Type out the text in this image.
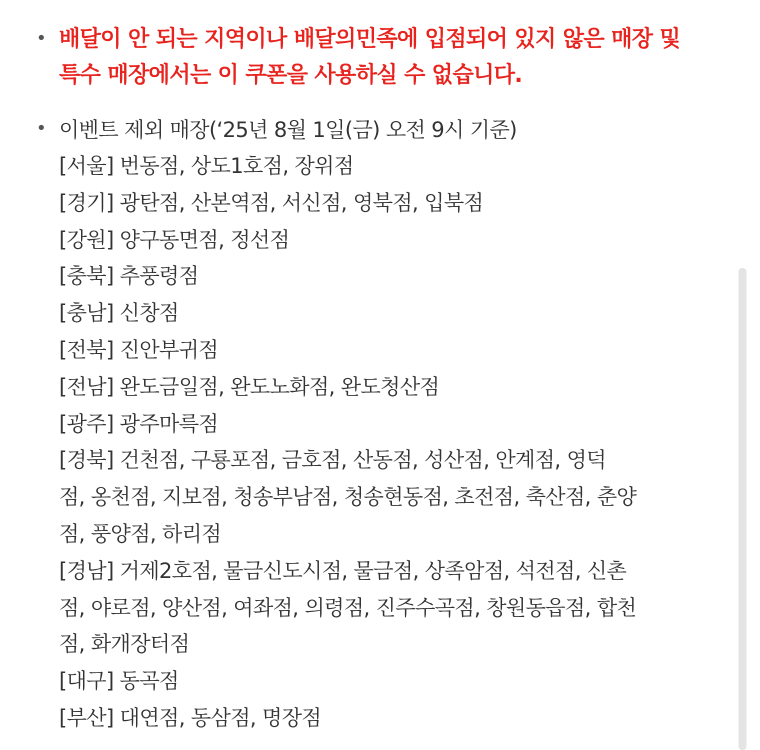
• 배달이 안 되는 지역이나 배달의민족에 입점되어 있지 않은 매장 및
특수 매장에서는 이 쿠폰을 사용하실 수 없습니다.
• 이벤트 제외 매장(‘25년 8월 1일(금) 오전 9시 기준)
[서울] 번동점, 상도1호점, 장위점
[경기] 광탄점, 산본역점, 서신점, 영북점, 입북점
[강원] 양구동면점, 정선점
[충북] 추풍령점
[충남] 신창점
[전북] 진안부귀점
[전남] 완도금일점, 완도노화점, 완도청산점
[광주] 광주마륵점
[경북] 건천점, 구룡포점, 금호점, 산동점, 성산점, 안계점, 영덕
점, 옹천점, 지보점, 청송부남점, 청송현동점, 초전점, 축산점, 춘양
점, 풍양점, 하리점
[경남] 거제2호점, 물금신도시점, 물금점, 상족암점, 석전점, 신촌
점, 야로점, 양산점, 여좌점, 의령점, 진주수곡점, 창원동읍점, 합천
점, 화개장터점
[대구] 동곡점
[부산] 대연점, 동삼점, 명장점
